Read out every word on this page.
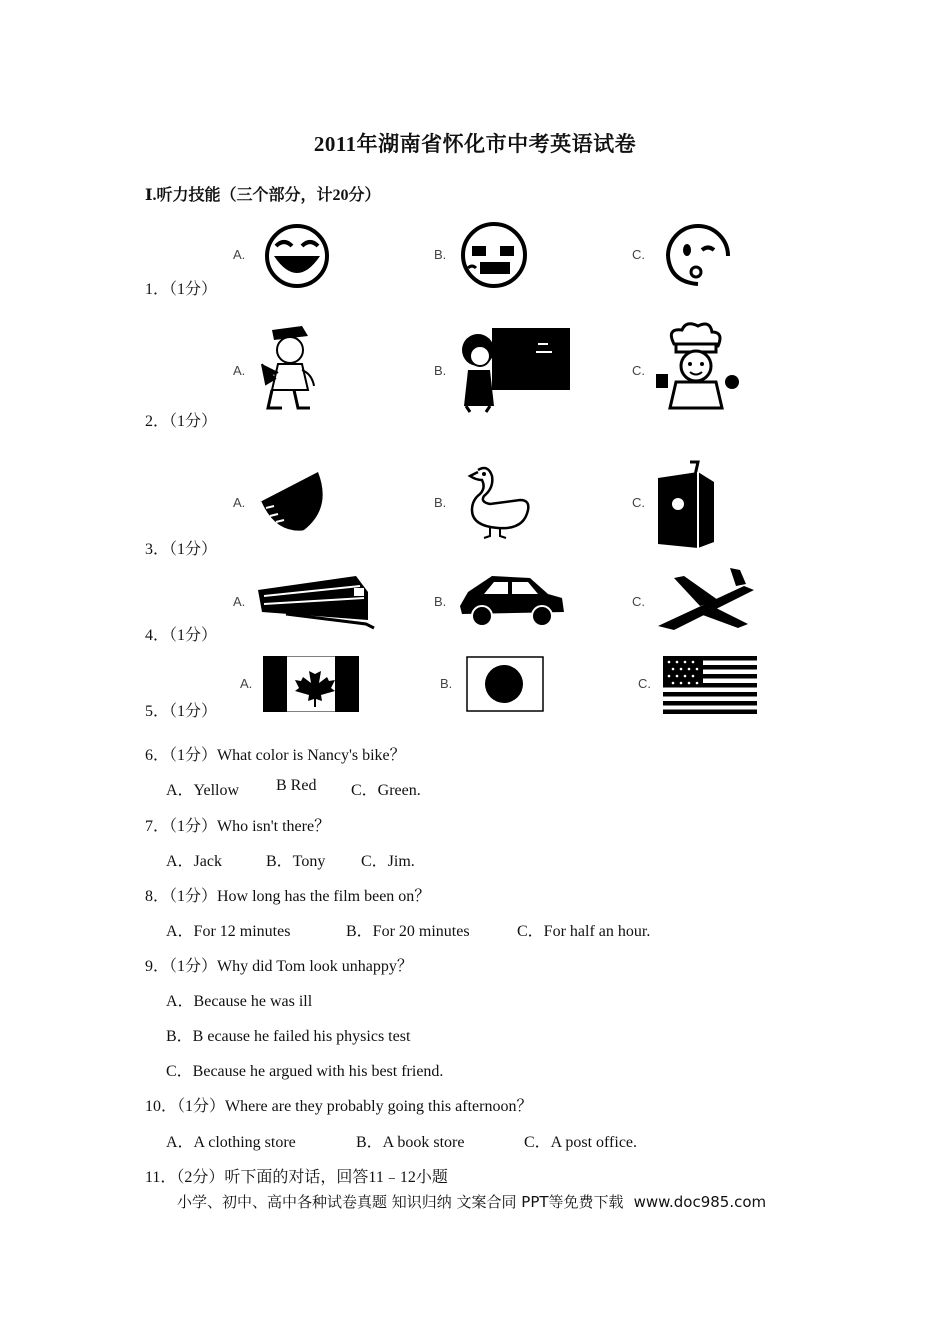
2011年湖南省怀化市中考英语试卷
Ⅰ.听力技能（三个部分，计20分）
1．（1分）
A.	B.	C.
2．（1分）
A.	B.	C.
3．（1分）
A.	B.	C.
4．（1分）
A.	B.	C.
5．（1分）
A.	B.	C.
6．（1分）What color is Nancy's bike？
A．Yellow B Red C．Green.
7．（1分）Who isn't there？
A．Jack	B．Tony C．Jim.
8．（1分）How long has the film been on？
A．For 12 minutes	B．For 20 minutes	C．For half an hour.
9．（1分）Why did Tom look unhappy？
A．Because he was ill
B．B ecause he failed his physics test
C．Because he argued with his best friend.
10．（1分）Where are they probably going this afternoon？
A．A clothing store	B．A book store	C．A post office.
11．（2分）听下面的对话，回答11﹣12小题
小学、初中、高中各种试卷真题 知识归纳 文案合同 PPT等免费下载 www.doc985.com
